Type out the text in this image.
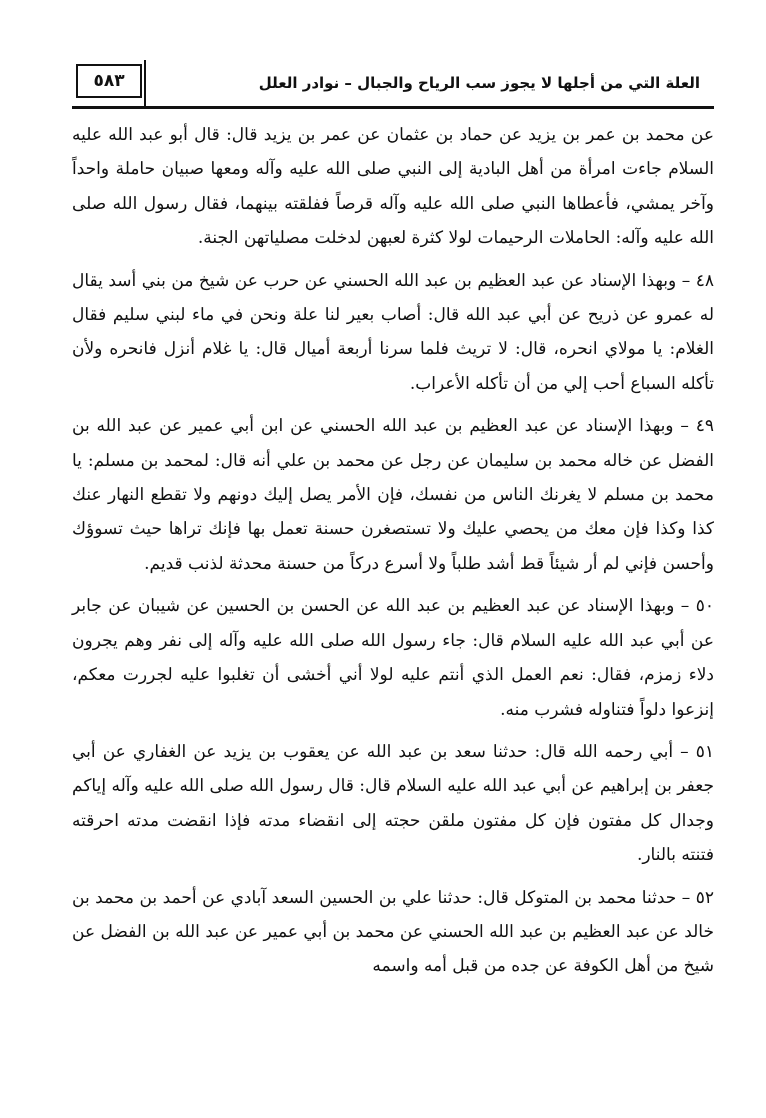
العلة التي من أجلها لا يجوز سب الرياح والجبال – نوادر العلل
٥٨٣

عن محمد بن عمر بن يزيد عن حماد بن عثمان عن عمر بن يزيد قال: قال أبو عبد الله عليه السلام جاءت امرأة من أهل البادية إلى النبي صلى الله عليه وآله ومعها صبيان حاملة واحداً وآخر يمشي، فأعطاها النبي صلى الله عليه وآله قرصاً ففلقته بينهما، فقال رسول الله صلى الله عليه وآله: الحاملات الرحيمات لولا كثرة لعبهن لدخلت مصلياتهن الجنة.

٤٨ – وبهذا الإسناد عن عبد العظيم بن عبد الله الحسني عن حرب عن شيخ من بني أسد يقال له عمرو عن ذريح عن أبي عبد الله قال: أصاب بعير لنا علة ونحن في ماء لبني سليم فقال الغلام: يا مولاي انحره، قال: لا تريث فلما سرنا أربعة أميال قال: يا غلام أنزل فانحره ولأن تأكله السباع أحب إلي من أن تأكله الأعراب.

٤٩ – وبهذا الإسناد عن عبد العظيم بن عبد الله الحسني عن ابن أبي عمير عن عبد الله بن الفضل عن خاله محمد بن سليمان عن رجل عن محمد بن علي أنه قال: لمحمد بن مسلم: يا محمد بن مسلم لا يغرنك الناس من نفسك، فإن الأمر يصل إليك دونهم ولا تقطع النهار عنك كذا وكذا فإن معك من يحصي عليك ولا تستصغرن حسنة تعمل بها فإنك تراها حيث تسوؤك وأحسن فإني لم أر شيئاً قط أشد طلباً ولا أسرع دركاً من حسنة محدثة لذنب قديم.

٥٠ – وبهذا الإسناد عن عبد العظيم بن عبد الله عن الحسن بن الحسين عن شيبان عن جابر عن أبي عبد الله عليه السلام قال: جاء رسول الله صلى الله عليه وآله إلى نفر وهم يجرون دلاء زمزم، فقال: نعم العمل الذي أنتم عليه لولا أني أخشى أن تغلبوا عليه لجررت معكم، إنزعوا دلواً فتناوله فشرب منه.

٥١ – أبي رحمه الله قال: حدثنا سعد بن عبد الله عن يعقوب بن يزيد عن الغفاري عن أبي جعفر بن إبراهيم عن أبي عبد الله عليه السلام قال: قال رسول الله صلى الله عليه وآله إياكم وجدال كل مفتون فإن كل مفتون ملقن حجته إلى انقضاء مدته فإذا انقضت مدته احرقته فتنته بالنار.

٥٢ – حدثنا محمد بن المتوكل قال: حدثنا علي بن الحسين السعد آبادي عن أحمد بن محمد بن خالد عن عبد العظيم بن عبد الله الحسني عن محمد بن أبي عمير عن عبد الله بن الفضل عن شيخ من أهل الكوفة عن جده من قبل أمه واسمه
